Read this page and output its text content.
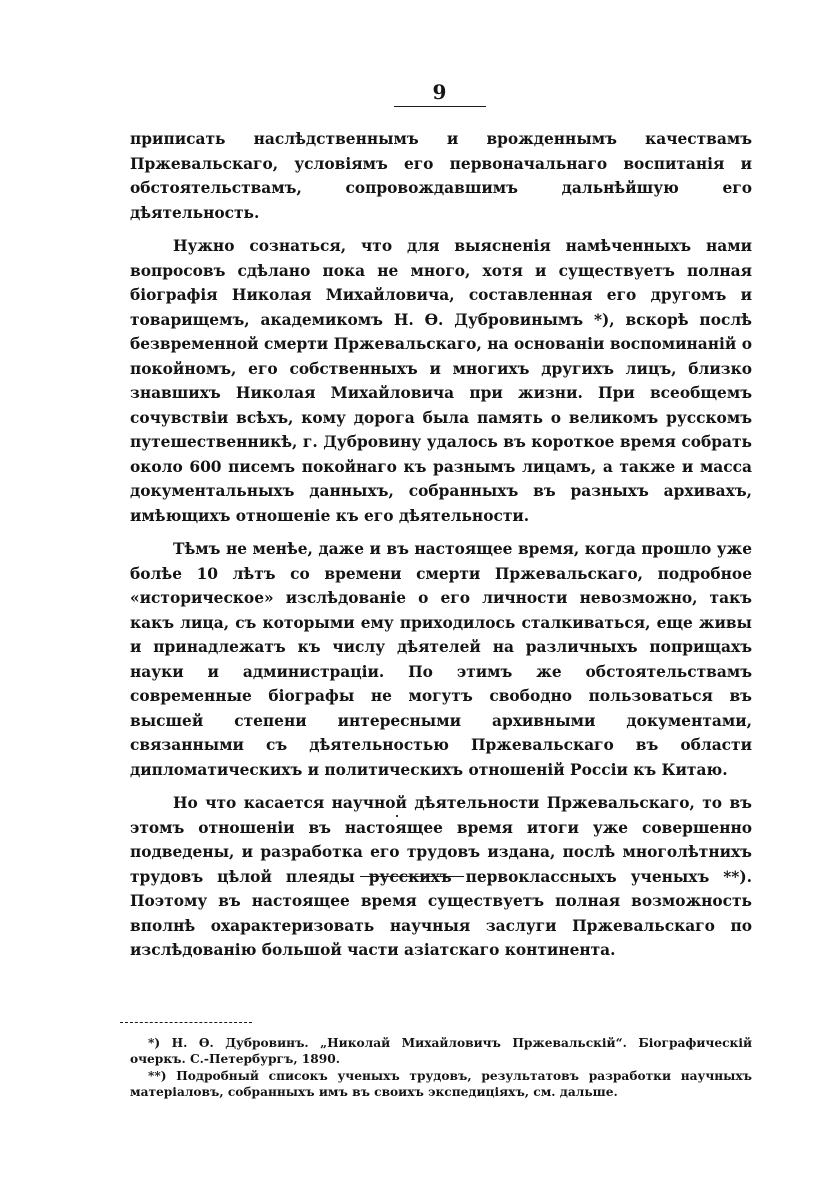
9

приписать наслѣдственнымъ и врожденнымъ качествамъ Пржевальскаго, условіямъ его первоначальнаго воспитанія и обстоятельствамъ, сопровождавшимъ дальнѣйшую его дѣятельность.

Нужно сознаться, что для выясненія намѣченныхъ нами вопросовъ сдѣлано пока не много, хотя и существуетъ полная біографія Николая Михайловича, составленная его другомъ и товарищемъ, академикомъ Н. Ѳ. Дубровинымъ *), вскорѣ послѣ безвременной смерти Пржевальскаго, на основаніи воспоминаній о покойномъ, его собственныхъ и многихъ другихъ лицъ, близко знавшихъ Николая Михайловича при жизни. При всеобщемъ сочувствіи всѣхъ, кому дорога была память о великомъ русскомъ путешественникѣ, г. Дубровину удалось въ короткое время собрать около 600 писемъ покойнаго къ разнымъ лицамъ, а также и масса документальныхъ данныхъ, собранныхъ въ разныхъ архивахъ, имѣющихъ отношеніе къ его дѣятельности.

Тѣмъ не менѣе, даже и въ настоящее время, когда прошло уже болѣе 10 лѣтъ со времени смерти Пржевальскаго, подробное «историческое» изслѣдованіе о его личности невозможно, такъ какъ лица, съ которыми ему приходилось сталкиваться, еще живы и принадлежатъ къ числу дѣятелей на различныхъ поприщахъ науки и администраціи. По этимъ же обстоятельствамъ современные біографы не могутъ свободно пользоваться въ высшей степени интересными архивными документами, связанными съ дѣятельностью Пржевальскаго въ области дипломатическихъ и политическихъ отношеній Россіи къ Китаю.

Но что касается научной дѣятельности Пржевальскаго, то въ этомъ отношеніи въ настоящее время итоги уже совершенно подведены, и разработка его трудовъ издана, послѣ многолѣтнихъ трудовъ цѣлой плеяды русскихъ первоклассныхъ ученыхъ **). Поэтому въ настоящее время существуетъ полная возможность вполнѣ охарактеризовать научныя заслуги Пржевальскаго по изслѣдованію большой части азіатскаго континента.

*) Н. Ѳ. Дубровинъ. „Николай Михайловичъ Пржевальскій“. Біографическій очеркъ. С.-Петербургъ, 1890.

**) Подробный списокъ ученыхъ трудовъ, результатовъ разработки научныхъ матеріаловъ, собранныхъ имъ въ своихъ экспедиціяхъ, см. дальше.
